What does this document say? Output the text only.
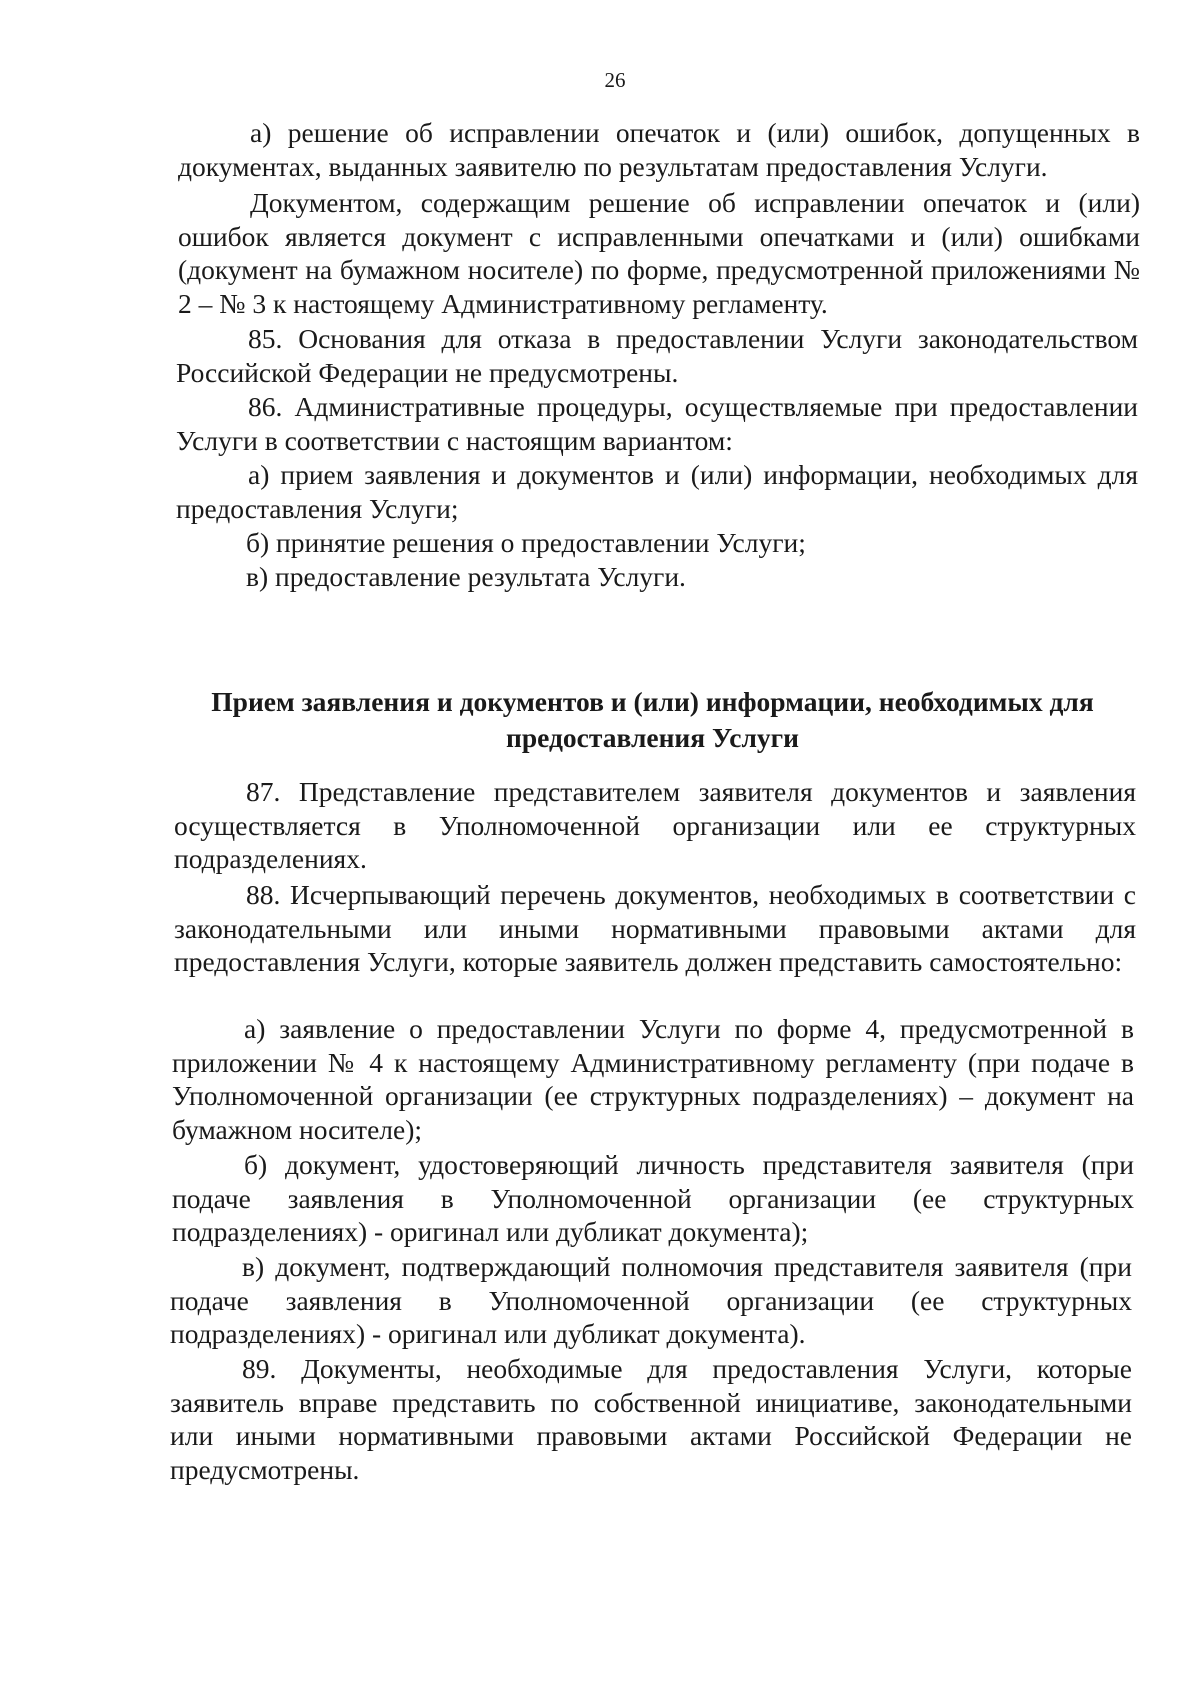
26

а) решение об исправлении опечаток и (или) ошибок, допущенных в документах, выданных заявителю по результатам предоставления Услуги.

Документом, содержащим решение об исправлении опечаток и (или) ошибок является документ с исправленными опечатками и (или) ошибками (документ на бумажном носителе) по форме, предусмотренной приложениями № 2 – № 3 к настоящему Административному регламенту.

85. Основания для отказа в предоставлении Услуги законодательством Российской Федерации не предусмотрены.

86. Административные процедуры, осуществляемые при предоставлении Услуги в соответствии с настоящим вариантом:

а) прием заявления и документов и (или) информации, необходимых для предоставления Услуги;

б) принятие решения о предоставлении Услуги;

в) предоставление результата Услуги.

Прием заявления и документов и (или) информации, необходимых для предоставления Услуги

87. Представление представителем заявителя документов и заявления осуществляется в Уполномоченной организации или ее структурных подразделениях.

88. Исчерпывающий перечень документов, необходимых в соответствии с законодательными или иными нормативными правовыми актами для предоставления Услуги, которые заявитель должен представить самостоятельно:

а) заявление о предоставлении Услуги по форме 4, предусмотренной в приложении № 4 к настоящему Административному регламенту (при подаче в Уполномоченной организации (ее структурных подразделениях) – документ на бумажном носителе);

б) документ, удостоверяющий личность представителя заявителя (при подаче заявления в Уполномоченной организации (ее структурных подразделениях) - оригинал или дубликат документа);

в) документ, подтверждающий полномочия представителя заявителя (при подаче заявления в Уполномоченной организации (ее структурных подразделениях) - оригинал или дубликат документа).

89. Документы, необходимые для предоставления Услуги, которые заявитель вправе представить по собственной инициативе, законодательными или иными нормативными правовыми актами Российской Федерации не предусмотрены.
